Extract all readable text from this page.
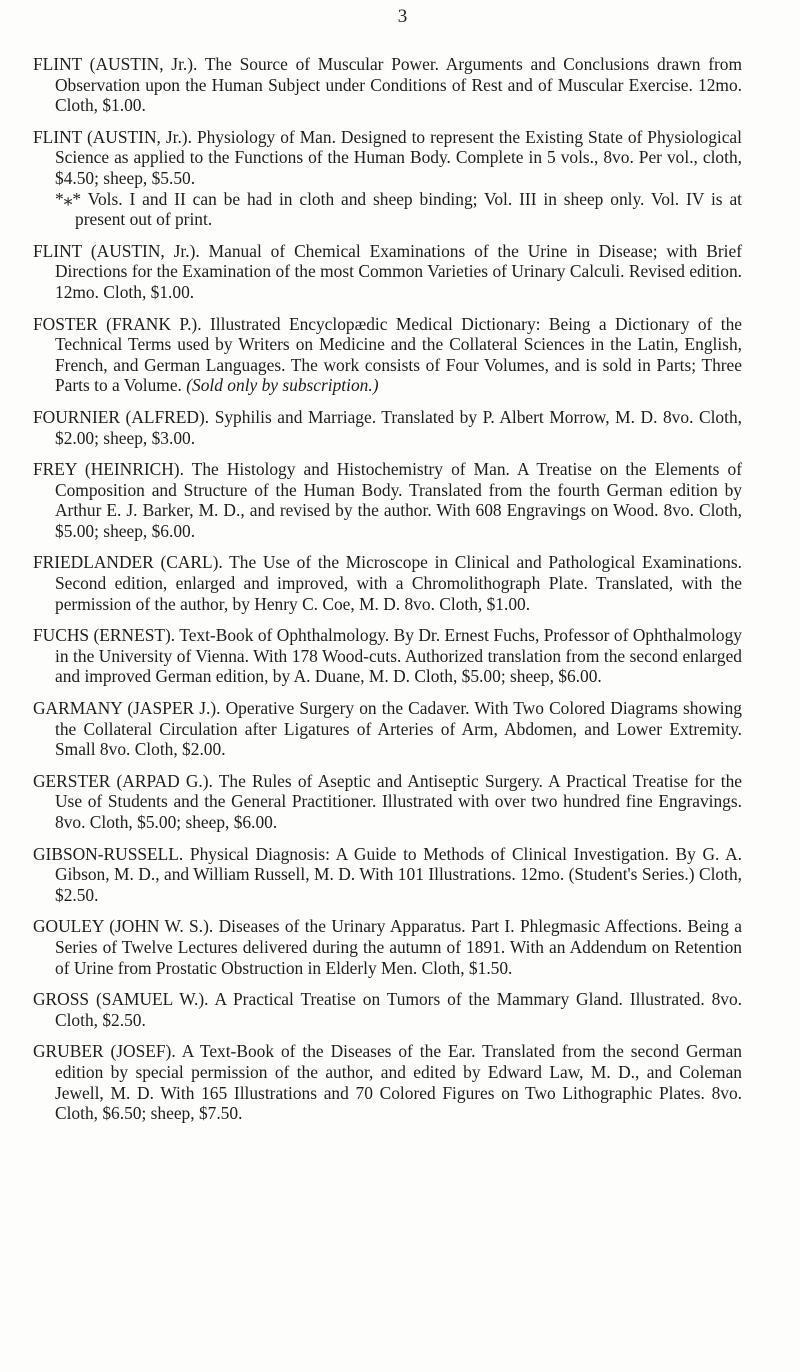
3

FLINT (AUSTIN, Jr.). The Source of Muscular Power. Arguments and Conclusions drawn from Observation upon the Human Subject under Conditions of Rest and of Muscular Exercise. 12mo. Cloth, $1.00.

FLINT (AUSTIN, Jr.). Physiology of Man. Designed to represent the Existing State of Physiological Science as applied to the Functions of the Human Body. Complete in 5 vols., 8vo. Per vol., cloth, $4.50; sheep, $5.50.
*⁎* Vols. I and II can be had in cloth and sheep binding; Vol. III in sheep only. Vol. IV is at present out of print.

FLINT (AUSTIN, Jr.). Manual of Chemical Examinations of the Urine in Disease; with Brief Directions for the Examination of the most Common Varieties of Urinary Calculi. Revised edition. 12mo. Cloth, $1.00.

FOSTER (FRANK P.). Illustrated Encyclopædic Medical Dictionary: Being a Dictionary of the Technical Terms used by Writers on Medicine and the Collateral Sciences in the Latin, English, French, and German Languages. The work consists of Four Volumes, and is sold in Parts; Three Parts to a Volume. (Sold only by subscription.)

FOURNIER (ALFRED). Syphilis and Marriage. Translated by P. Albert Morrow, M. D. 8vo. Cloth, $2.00; sheep, $3.00.

FREY (HEINRICH). The Histology and Histochemistry of Man. A Treatise on the Elements of Composition and Structure of the Human Body. Translated from the fourth German edition by Arthur E. J. Barker, M. D., and revised by the author. With 608 Engravings on Wood. 8vo. Cloth, $5.00; sheep, $6.00.

FRIEDLANDER (CARL). The Use of the Microscope in Clinical and Pathological Examinations. Second edition, enlarged and improved, with a Chromolithograph Plate. Translated, with the permission of the author, by Henry C. Coe, M. D. 8vo. Cloth, $1.00.

FUCHS (ERNEST). Text-Book of Ophthalmology. By Dr. Ernest Fuchs, Professor of Ophthalmology in the University of Vienna. With 178 Wood-cuts. Authorized translation from the second enlarged and improved German edition, by A. Duane, M. D. Cloth, $5.00; sheep, $6.00.

GARMANY (JASPER J.). Operative Surgery on the Cadaver. With Two Colored Diagrams showing the Collateral Circulation after Ligatures of Arteries of Arm, Abdomen, and Lower Extremity. Small 8vo. Cloth, $2.00.

GERSTER (ARPAD G.). The Rules of Aseptic and Antiseptic Surgery. A Practical Treatise for the Use of Students and the General Practitioner. Illustrated with over two hundred fine Engravings. 8vo. Cloth, $5.00; sheep, $6.00.

GIBSON-RUSSELL. Physical Diagnosis: A Guide to Methods of Clinical Investigation. By G. A. Gibson, M. D., and William Russell, M. D. With 101 Illustrations. 12mo. (Student's Series.) Cloth, $2.50.

GOULEY (JOHN W. S.). Diseases of the Urinary Apparatus. Part I. Phlegmasic Affections. Being a Series of Twelve Lectures delivered during the autumn of 1891. With an Addendum on Retention of Urine from Prostatic Obstruction in Elderly Men. Cloth, $1.50.

GROSS (SAMUEL W.). A Practical Treatise on Tumors of the Mammary Gland. Illustrated. 8vo. Cloth, $2.50.

GRUBER (JOSEF). A Text-Book of the Diseases of the Ear. Translated from the second German edition by special permission of the author, and edited by Edward Law, M. D., and Coleman Jewell, M. D. With 165 Illustrations and 70 Colored Figures on Two Lithographic Plates. 8vo. Cloth, $6.50; sheep, $7.50.
